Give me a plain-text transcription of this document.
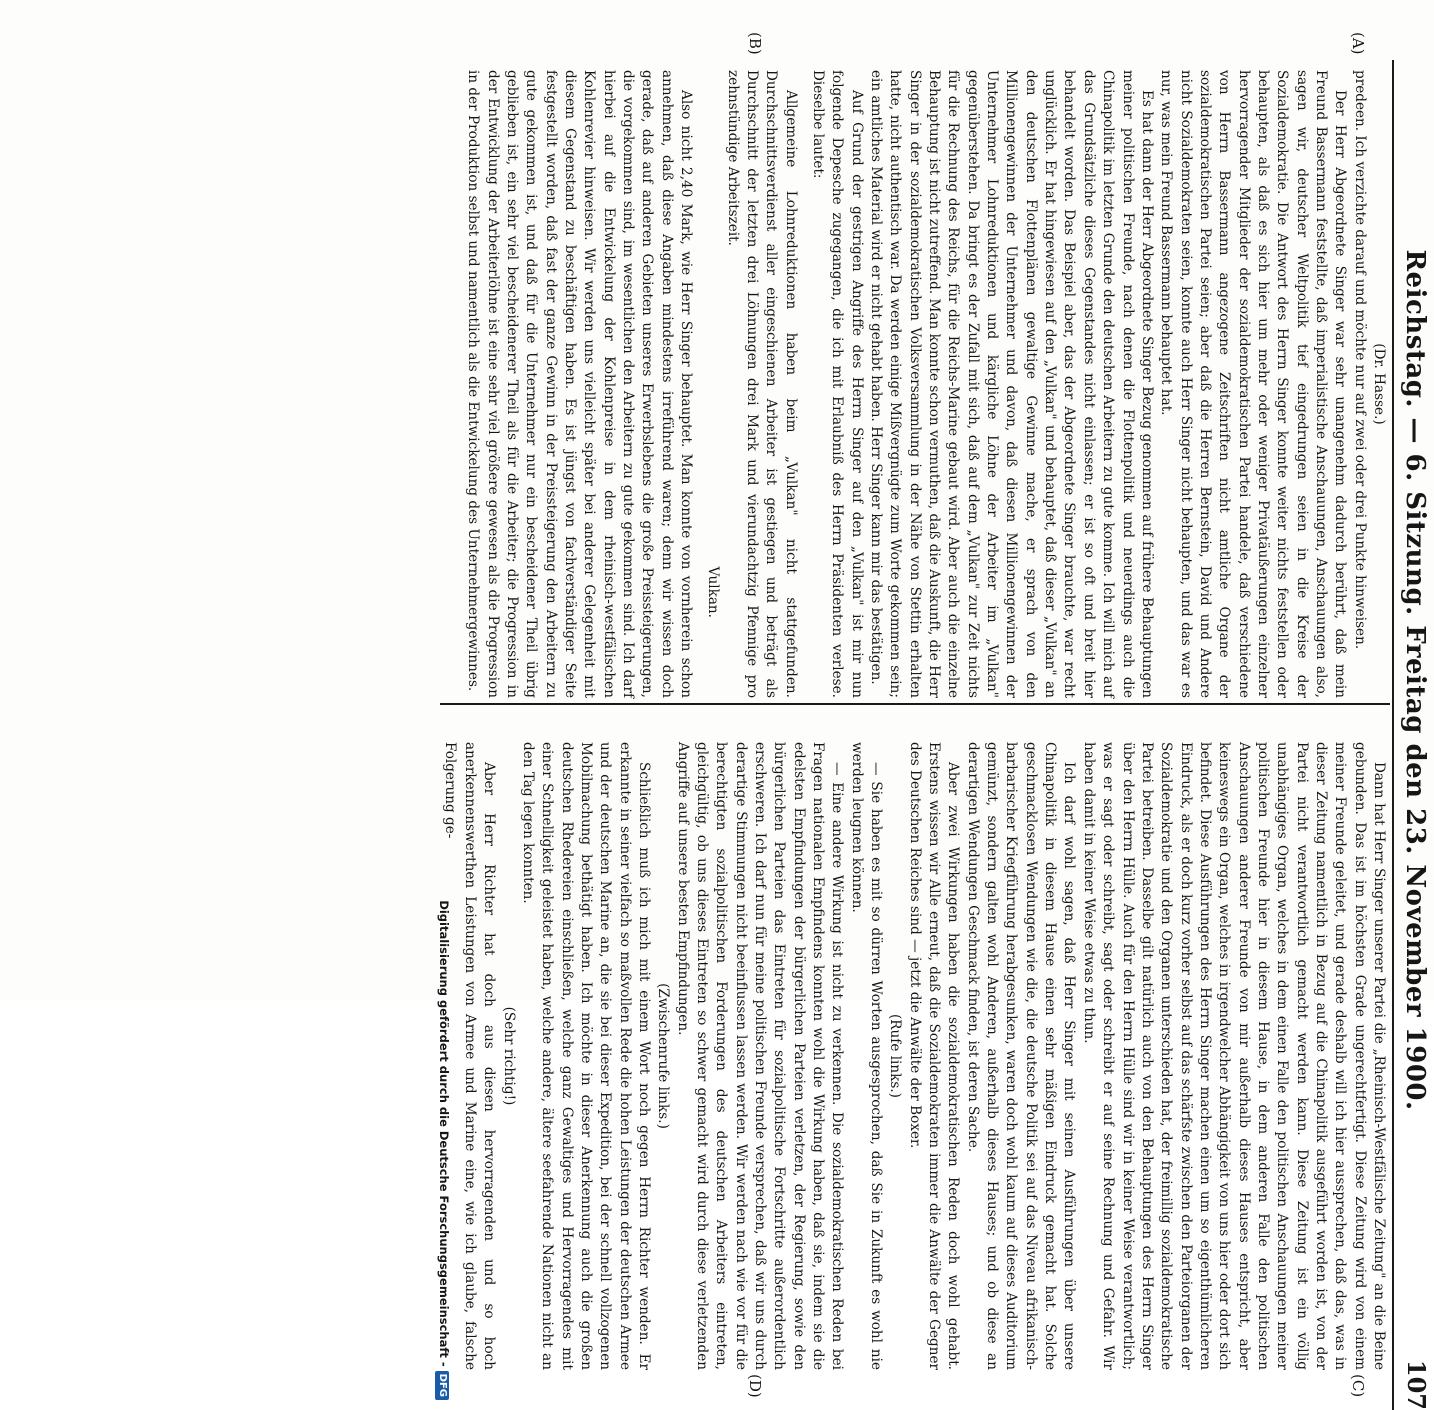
Reichstag. — 6. Sitzung. Freitag den 23. November 1900.
107
(A)
(B)
(C)
(D)

(Dr. Hasse.)

predeen. Ich verzichte darauf und möchte nur auf zwei oder drei Punkte hinweisen.

Der Herr Abgeordnete Singer war sehr unangenehm dadurch berührt, daß mein Freund Bassermann feststellte, daß imperialistische Anschauungen, Anschauungen also, sagen wir, deutscher Weltpolitik tief eingedrungen seien in die Kreise der Sozialdemokratie. Die Antwort des Herrn Singer konnte weiter nichts feststellen oder behaupten, als daß es sich hier um mehr oder weniger Privatäußerungen einzelner hervorragender Mitglieder der sozialdemokratischen Partei handele, daß verschiedene von Herrn Bassermann angezogene Zeitschriften nicht amtliche Organe der sozialdemokratischen Partei seien; aber daß die Herren Bernstein, David und Andere nicht Sozialdemokraten seien, konnte auch Herr Singer nicht behaupten, und das war es nur, was mein Freund Bassermann behauptet hat.

Es hat dann der Herr Abgeordnete Singer Bezug genommen auf frühere Behauptungen meiner politischen Freunde, nach denen die Flottenpolitik und neuerdings auch die Chinapolitik im letzten Grunde den deutschen Arbeitern zu gute komme. Ich will mich auf das Grundsätzliche dieses Gegenstandes nicht einlassen; er ist so oft und breit hier behandelt worden. Das Beispiel aber, das der Abgeordnete Singer brauchte, war recht unglücklich. Er hat hingewiesen auf den „Vulkan" und behauptet, daß dieser „Vulkan" an den deutschen Flottenplänen gewaltige Gewinne mache, er sprach von den Millionengewinnen der Unternehmer und davon, daß diesen Millionengewinnen der Unternehmer Lohnreduktionen und kärgliche Löhne der Arbeiter im „Vulkan" gegenüberstehen. Da bringt es der Zufall mit sich, daß auf dem „Vulkan" zur Zeit nichts für die Rechnung des Reichs, für die Reichs-Marine gebaut wird. Aber auch die einzelne Behauptung ist nicht zutreffend. Man konnte schon vermuthen, daß die Auskunft, die Herr Singer in der sozialdemokratischen Volksversammlung in der Nähe von Stettin erhalten hatte, nicht authentisch war. Da werden einige Mißvergnügte zum Worte gekommen sein; ein amtliches Material wird er nicht gehabt haben. Herr Singer kann mir das bestätigen.

Auf Grund der gestrigen Angriffe des Herrn Singer auf den „Vulkan" ist mir nun folgende Depesche zugegangen, die ich mit Erlaubniß des Herrn Präsidenten verlese. Dieselbe lautet:

Allgemeine Lohnreduktionen haben beim „Vulkan" nicht stattgefunden. Durchschnittsverdienst aller eingeschienen Arbeiter ist gestiegen und beträgt als Durchschnitt der letzten drei Löhnungen drei Mark und vierundachtzig Pfennige pro zehnstündige Arbeitszeit.

Vulkan.

Also nicht 2,40 Mark, wie Herr Singer behauptet. Man konnte von vornherein schon annehmen, daß diese Angaben mindestens irreführend waren; denn wir wissen doch gerade, daß auf anderen Gebieten unseres Erwerbslebens die große Preissteigerungen, die vorgekommen sind, im wesentlichen den Arbeitern zu gute gekommen sind. Ich darf hierbei auf die Entwickelung der Kohlenpreise in dem rheinisch-westfälischen Kohlenrevier hinweisen. Wir werden uns vielleicht später bei anderer Gelegenheit mit diesem Gegenstand zu beschäftigen haben. Es ist jüngst von fachverständiger Seite festgestellt worden, daß fast der ganze Gewinn in der Preissteigerung den Arbeitern zu gute gekommen ist, und daß für die Unternehmer nur ein bescheidener Theil übrig geblieben ist, ein sehr viel bescheidenerer Theil als für die Arbeiter; die Progression in der Entwicklung der Arbeiterlöhne ist eine sehr viel größere gewesen als die Progression in der Produktion selbst und namentlich als die Entwickelung des Unternehmergewinnes.

Dann hat Herr Singer unserer Partei die „Rheinisch-Westfälische Zeitung" an die Beine gebunden. Das ist im höchsten Grade ungerechtfertigt. Diese Zeitung wird von einem meiner Freunde geleitet, und gerade deshalb will ich hier aussprechen, daß das, was in dieser Zeitung namentlich in Bezug auf die Chinapolitik ausgeführt worden ist, von der Partei nicht verantwortlich gemacht werden kann. Diese Zeitung ist ein völlig unabhängiges Organ, welches in dem einen Falle den politischen Anschauungen meiner politischen Freunde hier in diesem Hause, in dem anderen Falle den politischen Anschauungen anderer Freunde von mir außerhalb dieses Hauses entspricht, aber keineswegs ein Organ, welches in irgendwelcher Abhängigkeit von uns hier oder dort sich befindet. Diese Ausführungen des Herrn Singer machen einen um so eigenthümlicheren Eindruck, als er doch kurz vorher selbst auf das schärfste zwischen den Parteiorganen der Sozialdemokratie und den Organen unterschieden hat, der freimillig sozialdemokratische Partei betreiben. Dasselbe gilt natürlich auch von den Behauptungen des Herrn Singer über den Herrn Hülle. Auch für den Herrn Hülle sind wir in keiner Weise verantwortlich; was er sagt oder schreibt, sagt oder schreibt er auf seine Rechnung und Gefahr. Wir haben damit in keiner Weise etwas zu thun.

Ich darf wohl sagen, daß Herr Singer mit seinen Ausführungen über unsere Chinapolitik in diesem Hause einen sehr mäßigen Eindruck gemacht hat. Solche geschmacklosen Wendungen wie die, die deutsche Politik sei auf das Niveau afrikanisch-barbarischer Kriegführung herabgesunken, waren doch wohl kaum auf dieses Auditorium gemünzt, sondern galten wohl Anderen, außerhalb dieses Hauses; und ob diese an derartigen Wendungen Geschmack finden, ist deren Sache.

Aber zwei Wirkungen haben die sozialdemokratischen Reden doch wohl gehabt. Erstens wissen wir Alle erneut, daß die Sozialdemokraten immer die Anwälte der Gegner des Deutschen Reiches sind — jetzt die Anwälte der Boxer.

(Rufe links.)

— Sie haben es mit so dürren Worten ausgesprochen, daß Sie in Zukunft es wohl nie werden leugnen können.

— Eine andere Wirkung ist nicht zu verkennen. Die sozialdemokratischen Reden bei Fragen nationalen Empfindens konnten wohl die Wirkung haben, daß sie, indem sie die edelsten Empfindungen der bürgerlichen Parteien verletzen, der Regierung, sowie den bürgerlichen Parteien das Eintreten für sozialpolitische Fortschritte außerordentlich erschweren. Ich darf nun für meine politischen Freunde versprechen, daß wir uns durch derartige Stimmungen nicht beeinflussen lassen werden. Wir werden nach wie vor für die berechtigten sozialpolitischen Forderungen des deutschen Arbeiters eintreten, gleichgültig, ob uns dieses Eintreten so schwer gemacht wird durch diese verletzenden Angriffe auf unsere besten Empfindungen.

(Zwischenrufe links.)

Schließlich muß ich mich mit einem Wort noch gegen Herrn Richter wenden. Er erkannte in seiner vielfach so maßvollen Rede die hohen Leistungen der deutschen Armee und der deutschen Marine an, die sie bei dieser Expedition, bei der schnell vollzogenen Mobilmachung bethätigt haben. Ich möchte in dieser Anerkennung auch die großen deutschen Rhedereien einschließen, welche ganz Gewaltiges und Hervorragendes mit einer Schnelligkeit geleistet haben, welche andere, ältere seefahrende Nationen nicht an den Tag legen konnten.

(Sehr richtig!)

Aber Herr Richter hat doch aus diesen hervorragenden und so hoch anerkennenswerthen Leistungen von Armee und Marine eine, wie ich glaube, falsche Folgerung ge-

Digitalisierung gefördert durch die Deutsche Forschungsgemeinschaft -DFG
